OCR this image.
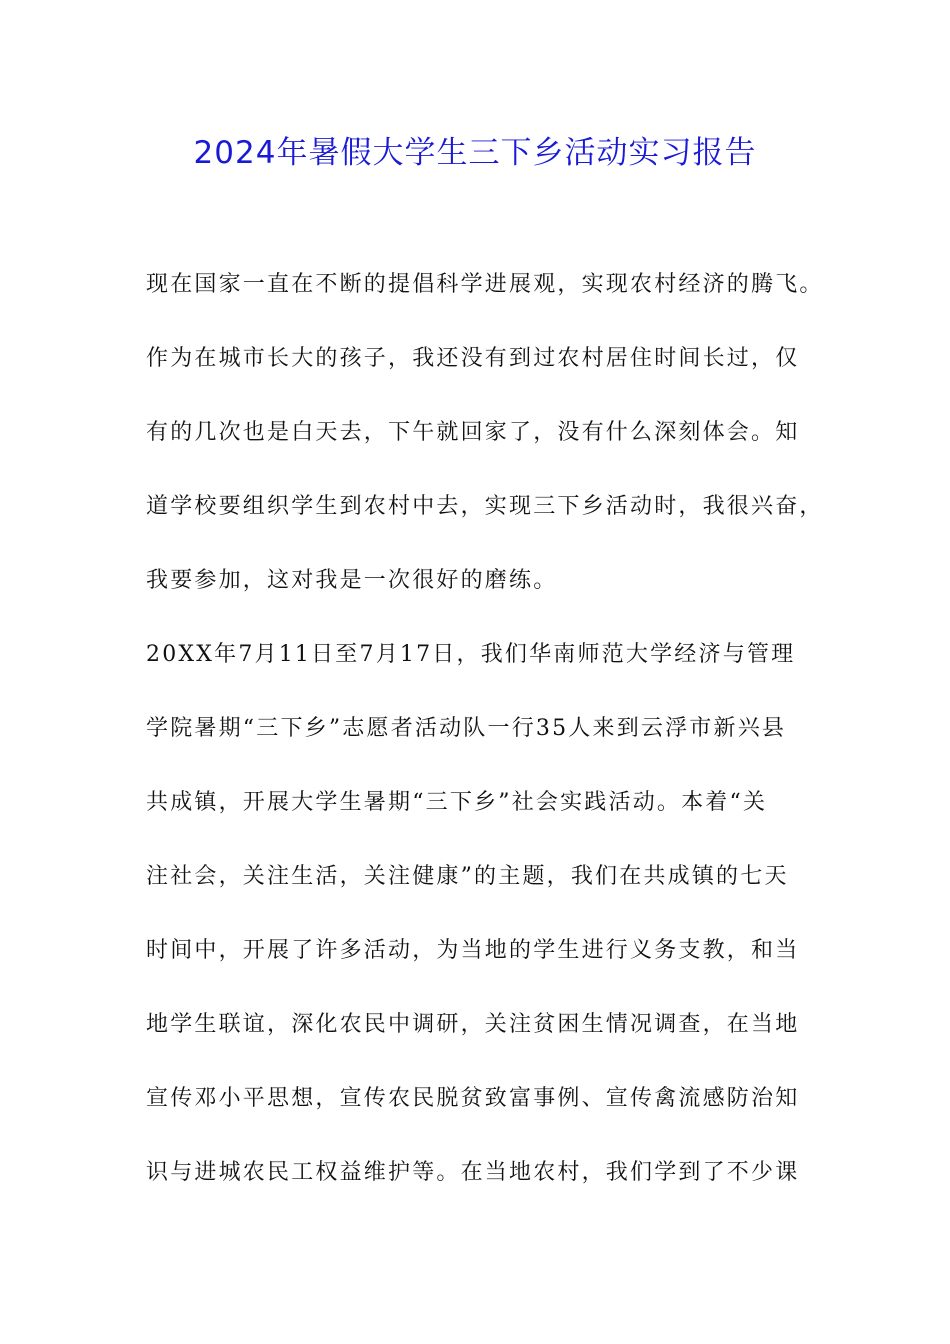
2024年暑假大学生三下乡活动实习报告

现在国家一直在不断的提倡科学进展观，实现农村经济的腾飞。
作为在城市长大的孩子，我还没有到过农村居住时间长过，仅
有的几次也是白天去，下午就回家了，没有什么深刻体会。知
道学校要组织学生到农村中去，实现三下乡活动时，我很兴奋，
我要参加，这对我是一次很好的磨练。

20XX年7月11日至7月17日，我们华南师范大学经济与管理
学院暑期“三下乡”志愿者活动队一行35人来到云浮市新兴县
共成镇，开展大学生暑期“三下乡”社会实践活动。本着“关
注社会，关注生活，关注健康”的主题，我们在共成镇的七天
时间中，开展了许多活动，为当地的学生进行义务支教，和当
地学生联谊，深化农民中调研，关注贫困生情况调查，在当地
宣传邓小平思想，宣传农民脱贫致富事例、宣传禽流感防治知
识与进城农民工权益维护等。在当地农村，我们学到了不少课
